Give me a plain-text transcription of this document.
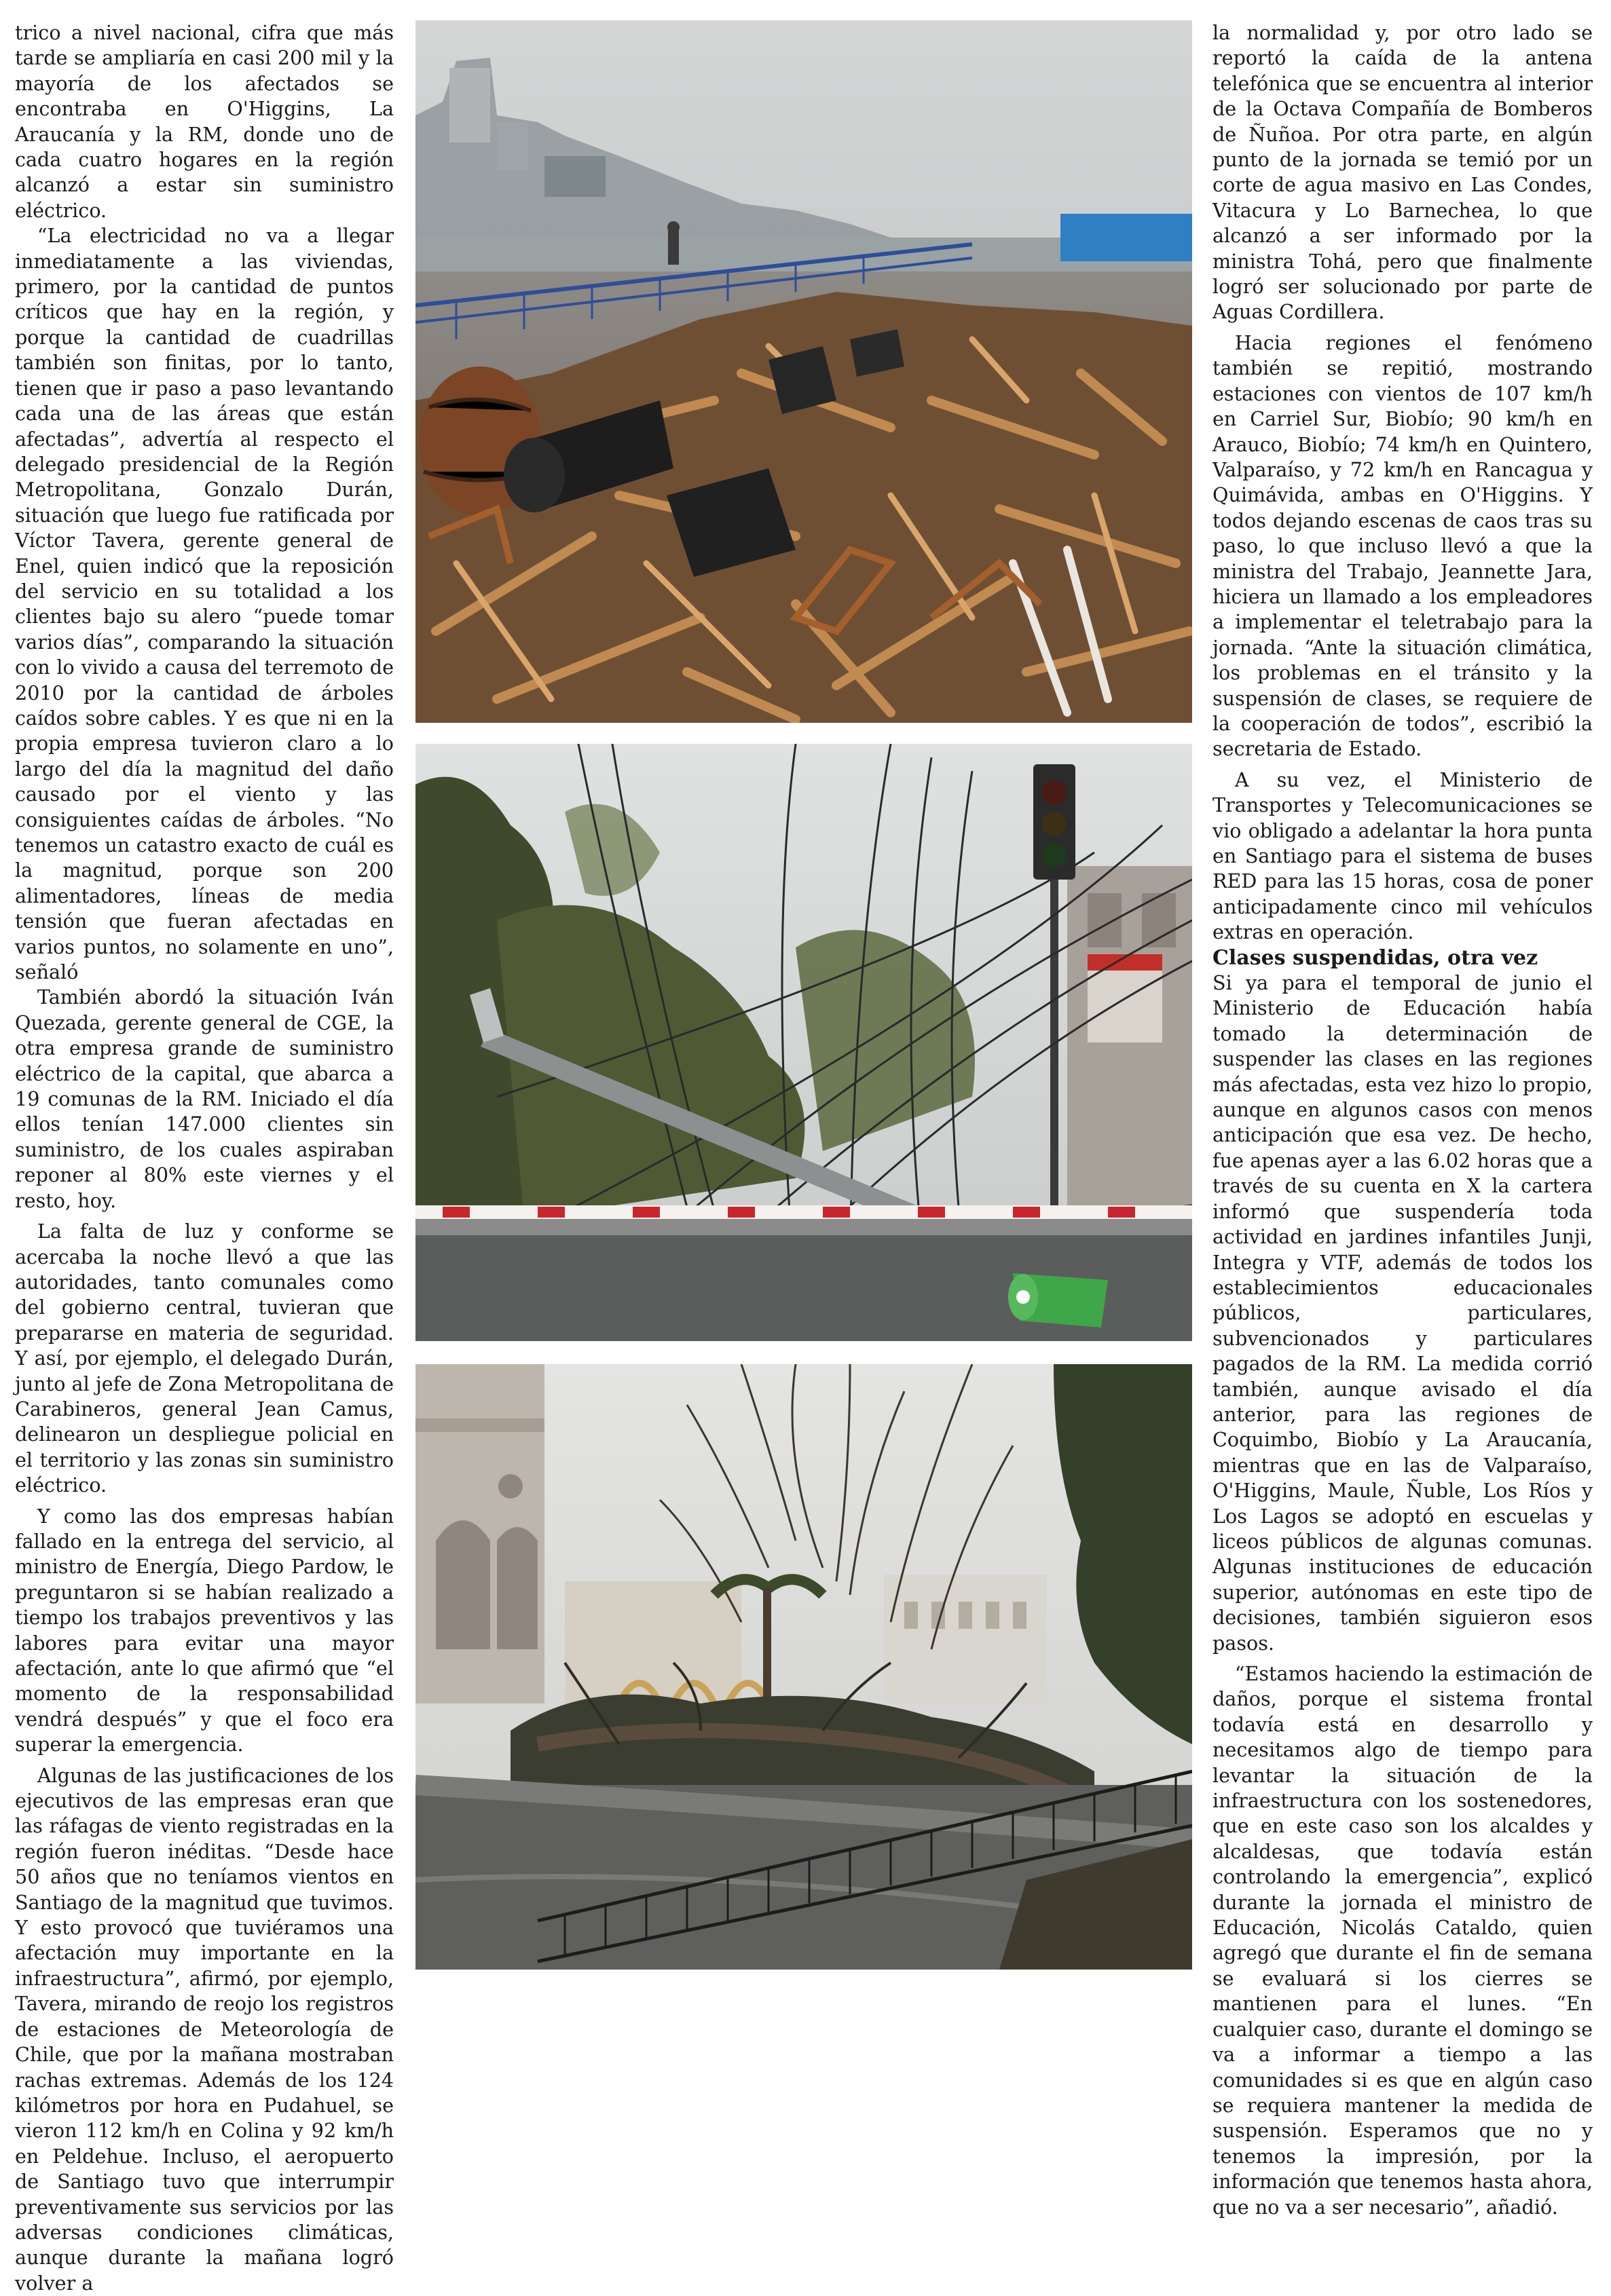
trico a nivel nacional, cifra que más tarde se ampliaría en casi 200 mil y la mayoría de los afectados se encontraba en O'Higgins, La Araucanía y la RM, donde uno de cada cuatro hogares en la región alcanzó a estar sin suministro eléctrico.

“La electricidad no va a llegar inmediatamente a las viviendas, primero, por la cantidad de puntos críticos que hay en la región, y porque la cantidad de cuadrillas también son finitas, por lo tanto, tienen que ir paso a paso levantando cada una de las áreas que están afectadas”, advertía al respecto el delegado presidencial de la Región Metropolitana, Gonzalo Durán, situación que luego fue ratificada por Víctor Tavera, gerente general de Enel, quien indicó que la reposición del servicio en su totalidad a los clientes bajo su alero “puede tomar varios días”, comparando la situación con lo vivido a causa del terremoto de 2010 por la cantidad de árboles caídos sobre cables. Y es que ni en la propia empresa tuvieron claro a lo largo del día la magnitud del daño causado por el viento y las consiguientes caídas de árboles. “No tenemos un catastro exacto de cuál es la magnitud, porque son 200 alimentadores, líneas de media tensión que fueran afectadas en varios puntos, no solamente en uno”, señaló

También abordó la situación Iván Quezada, gerente general de CGE, la otra empresa grande de suministro eléctrico de la capital, que abarca a 19 comunas de la RM. Iniciado el día ellos tenían 147.000 clientes sin suministro, de los cuales aspiraban reponer al 80% este viernes y el resto, hoy.

La falta de luz y conforme se acercaba la noche llevó a que las autoridades, tanto comunales como del gobierno central, tuvieran que prepararse en materia de seguridad. Y así, por ejemplo, el delegado Durán, junto al jefe de Zona Metropolitana de Carabineros, general Jean Camus, delinearon un despliegue policial en el territorio y las zonas sin suministro eléctrico.

Y como las dos empresas habían fallado en la entrega del servicio, al ministro de Energía, Diego Pardow, le preguntaron si se habían realizado a tiempo los trabajos preventivos y las labores para evitar una mayor afectación, ante lo que afirmó que “el momento de la responsabilidad vendrá después” y que el foco era superar la emergencia.

Algunas de las justificaciones de los ejecutivos de las empresas eran que las ráfagas de viento registradas en la región fueron inéditas. “Desde hace 50 años que no teníamos vientos en Santiago de la magnitud que tuvimos. Y esto provocó que tuviéramos una afectación muy importante en la infraestructura”, afirmó, por ejemplo, Tavera, mirando de reojo los registros de estaciones de Meteorología de Chile, que por la mañana mostraban rachas extremas. Además de los 124 kilómetros por hora en Pudahuel, se vieron 112 km/h en Colina y 92 km/h en Peldehue. Incluso, el aeropuerto de Santiago tuvo que interrumpir preventivamente sus servicios por las adversas condiciones climáticas, aunque durante la mañana logró volver a

la normalidad y, por otro lado se reportó la caída de la antena telefónica que se encuentra al interior de la Octava Compañía de Bomberos de Ñuñoa. Por otra parte, en algún punto de la jornada se temió por un corte de agua masivo en Las Condes, Vitacura y Lo Barnechea, lo que alcanzó a ser informado por la ministra Tohá, pero que finalmente logró ser solucionado por parte de Aguas Cordillera.

Hacia regiones el fenómeno también se repitió, mostrando estaciones con vientos de 107 km/h en Carriel Sur, Biobío; 90 km/h en Arauco, Biobío; 74 km/h en Quintero, Valparaíso, y 72 km/h en Rancagua y Quimávida, ambas en O'Higgins. Y todos dejando escenas de caos tras su paso, lo que incluso llevó a que la ministra del Trabajo, Jeannette Jara, hiciera un llamado a los empleadores a implementar el teletrabajo para la jornada. “Ante la situación climática, los problemas en el tránsito y la suspensión de clases, se requiere de la cooperación de todos”, escribió la secretaria de Estado.

A su vez, el Ministerio de Transportes y Telecomunicaciones se vio obligado a adelantar la hora punta en Santiago para el sistema de buses RED para las 15 horas, cosa de poner anticipadamente cinco mil vehículos extras en operación.

Clases suspendidas, otra vez

Si ya para el temporal de junio el Ministerio de Educación había tomado la determinación de suspender las clases en las regiones más afectadas, esta vez hizo lo propio, aunque en algunos casos con menos anticipación que esa vez. De hecho, fue apenas ayer a las 6.02 horas que a través de su cuenta en X la cartera informó que suspendería toda actividad en jardines infantiles Junji, Integra y VTF, además de todos los establecimientos educacionales públicos, particulares, subvencionados y particulares pagados de la RM. La medida corrió también, aunque avisado el día anterior, para las regiones de Coquimbo, Biobío y La Araucanía, mientras que en las de Valparaíso, O'Higgins, Maule, Ñuble, Los Ríos y Los Lagos se adoptó en escuelas y liceos públicos de algunas comunas. Algunas instituciones de educación superior, autónomas en este tipo de decisiones, también siguieron esos pasos.

“Estamos haciendo la estimación de daños, porque el sistema frontal todavía está en desarrollo y necesitamos algo de tiempo para levantar la situación de la infraestructura con los sostenedores, que en este caso son los alcaldes y alcaldesas, que todavía están controlando la emergencia”, explicó durante la jornada el ministro de Educación, Nicolás Cataldo, quien agregó que durante el fin de semana se evaluará si los cierres se mantienen para el lunes. “En cualquier caso, durante el domingo se va a informar a tiempo a las comunidades si es que en algún caso se requiera mantener la medida de suspensión. Esperamos que no y tenemos la impresión, por la información que tenemos hasta ahora, que no va a ser necesario”, añadió.
